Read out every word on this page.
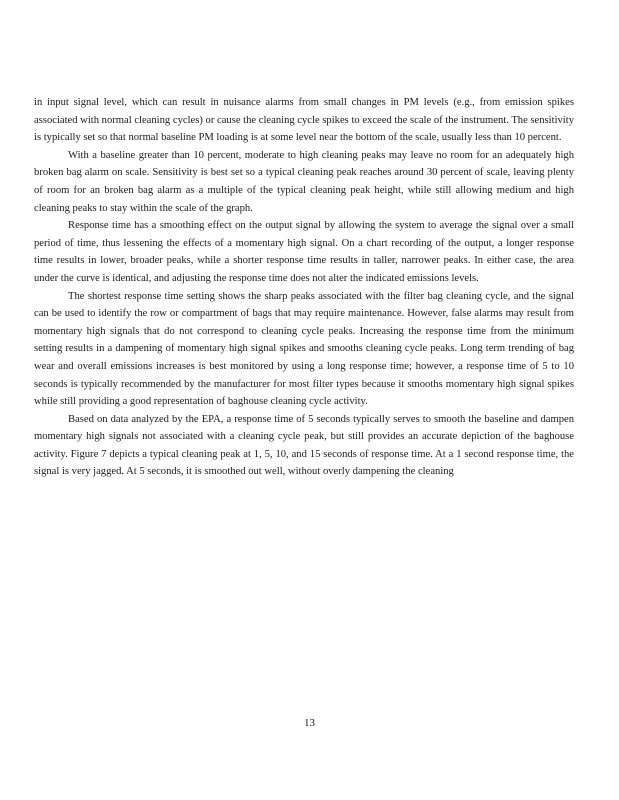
in input signal level, which can result in nuisance alarms from small changes in PM levels (e.g., from emission spikes associated with normal cleaning cycles) or cause the cleaning cycle spikes to exceed the scale of the instrument. The sensitivity is typically set so that normal baseline PM loading is at some level near the bottom of the scale, usually less than 10 percent.

With a baseline greater than 10 percent, moderate to high cleaning peaks may leave no room for an adequately high broken bag alarm on scale. Sensitivity is best set so a typical cleaning peak reaches around 30 percent of scale, leaving plenty of room for an broken bag alarm as a multiple of the typical cleaning peak height, while still allowing medium and high cleaning peaks to stay within the scale of the graph.

Response time has a smoothing effect on the output signal by allowing the system to average the signal over a small period of time, thus lessening the effects of a momentary high signal. On a chart recording of the output, a longer response time results in lower, broader peaks, while a shorter response time results in taller, narrower peaks. In either case, the area under the curve is identical, and adjusting the response time does not alter the indicated emissions levels.

The shortest response time setting shows the sharp peaks associated with the filter bag cleaning cycle, and the signal can be used to identify the row or compartment of bags that may require maintenance. However, false alarms may result from momentary high signals that do not correspond to cleaning cycle peaks. Increasing the response time from the minimum setting results in a dampening of momentary high signal spikes and smooths cleaning cycle peaks. Long term trending of bag wear and overall emissions increases is best monitored by using a long response time; however, a response time of 5 to 10 seconds is typically recommended by the manufacturer for most filter types because it smooths momentary high signal spikes while still providing a good representation of baghouse cleaning cycle activity.

Based on data analyzed by the EPA, a response time of 5 seconds typically serves to smooth the baseline and dampen momentary high signals not associated with a cleaning cycle peak, but still provides an accurate depiction of the baghouse activity. Figure 7 depicts a typical cleaning peak at 1, 5, 10, and 15 seconds of response time. At a 1 second response time, the signal is very jagged. At 5 seconds, it is smoothed out well, without overly dampening the cleaning

13
